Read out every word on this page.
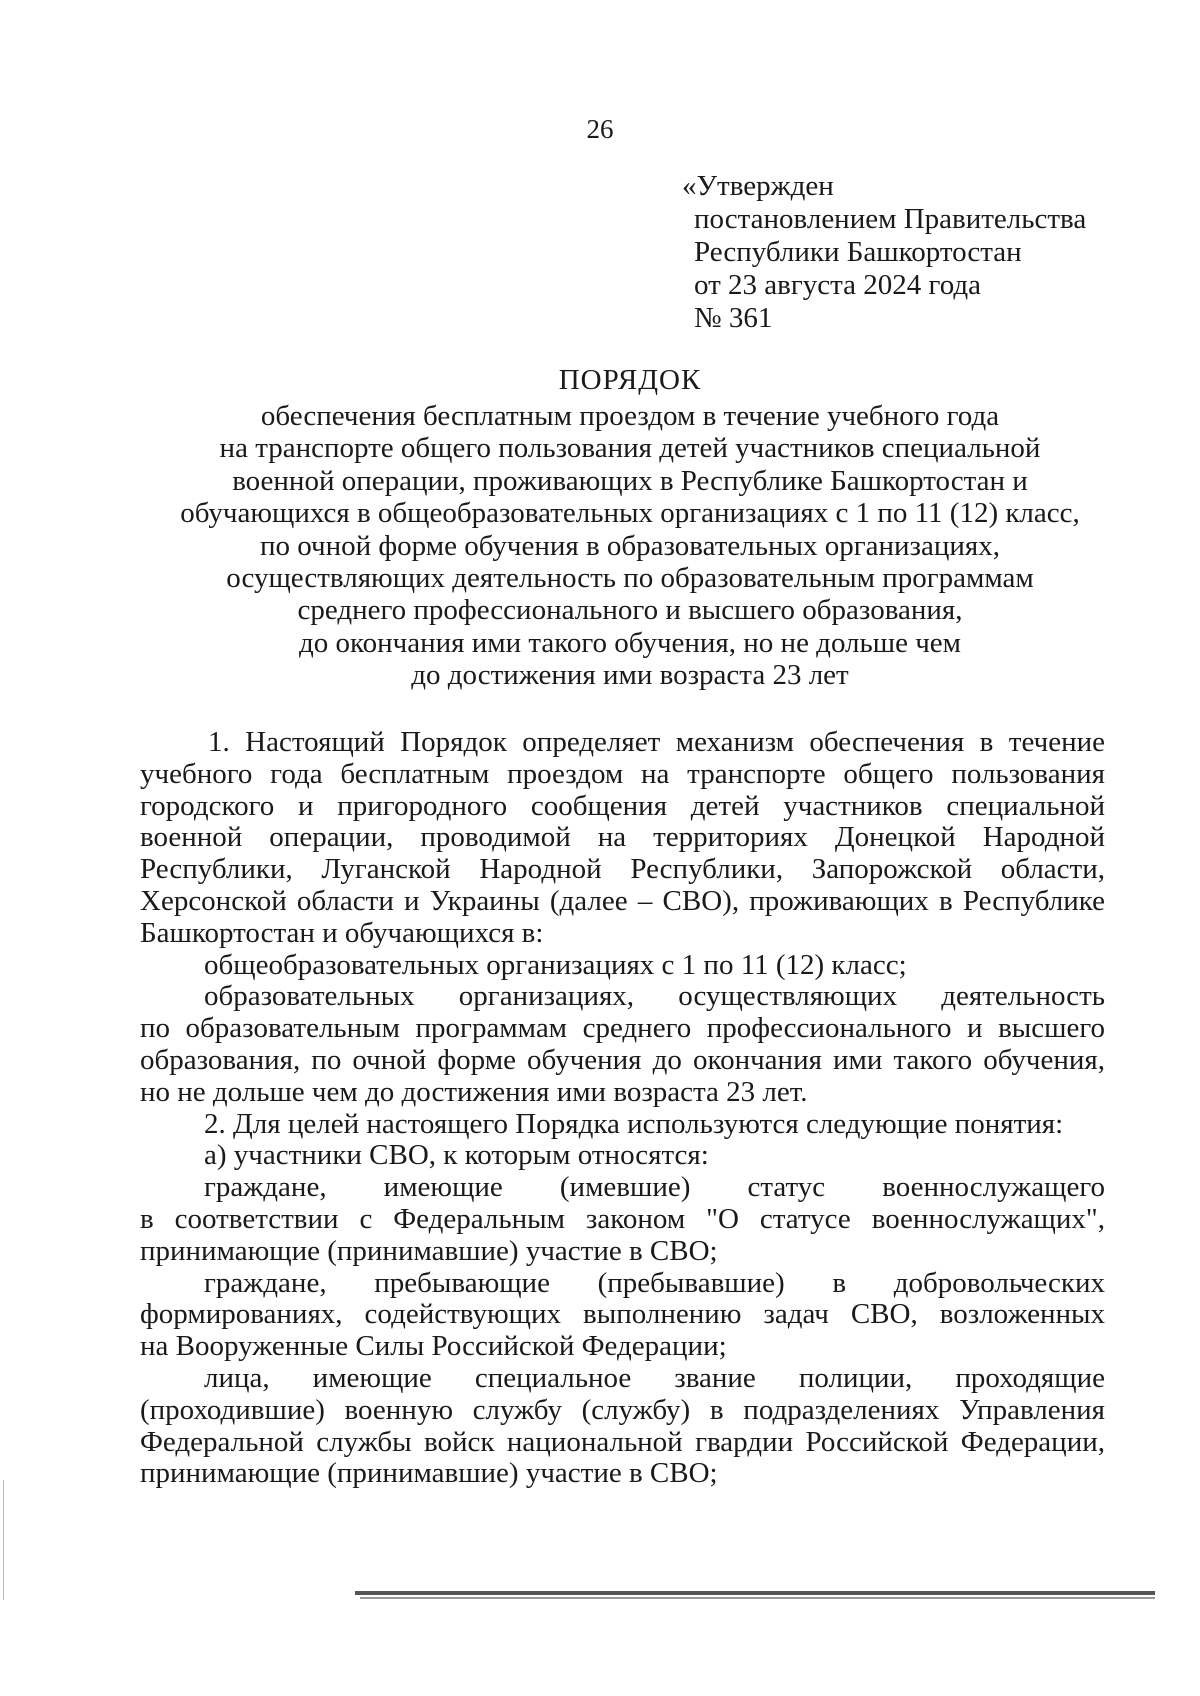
26
«Утвержден
постановлением Правительства
Республики Башкортостан
от 23 августа 2024 года
№ 361
ПОРЯДОК
обеспечения бесплатным проездом в течение учебного года
на транспорте общего пользования детей участников специальной
военной операции, проживающих в Республике Башкортостан и
обучающихся в общеобразовательных организациях с 1 по 11 (12) класс,
по очной форме обучения в образовательных организациях,
осуществляющих деятельность по образовательным программам
среднего профессионального и высшего образования,
до окончания ими такого обучения, но не дольше чем
до достижения ими возраста 23 лет
1. Настоящий Порядок определяет механизм обеспечения в течение
учебного года бесплатным проездом на транспорте общего пользования
городского и пригородного сообщения детей участников специальной
военной операции, проводимой на территориях Донецкой Народной
Республики, Луганской Народной Республики, Запорожской области,
Херсонской области и Украины (далее – СВО), проживающих в Республике
Башкортостан и обучающихся в:
общеобразовательных организациях с 1 по 11 (12) класс;
образовательных организациях, осуществляющих деятельность
по образовательным программам среднего профессионального и высшего
образования, по очной форме обучения до окончания ими такого обучения,
но не дольше чем до достижения ими возраста 23 лет.
2. Для целей настоящего Порядка используются следующие понятия:
а) участники СВО, к которым относятся:
граждане, имеющие (имевшие) статус военнослужащего
в соответствии с Федеральным законом "О статусе военнослужащих",
принимающие (принимавшие) участие в СВО;
граждане, пребывающие (пребывавшие) в добровольческих
формированиях, содействующих выполнению задач СВО, возложенных
на Вооруженные Силы Российской Федерации;
лица, имеющие специальное звание полиции, проходящие
(проходившие) военную службу (службу) в подразделениях Управления
Федеральной службы войск национальной гвардии Российской Федерации,
принимающие (принимавшие) участие в СВО;
